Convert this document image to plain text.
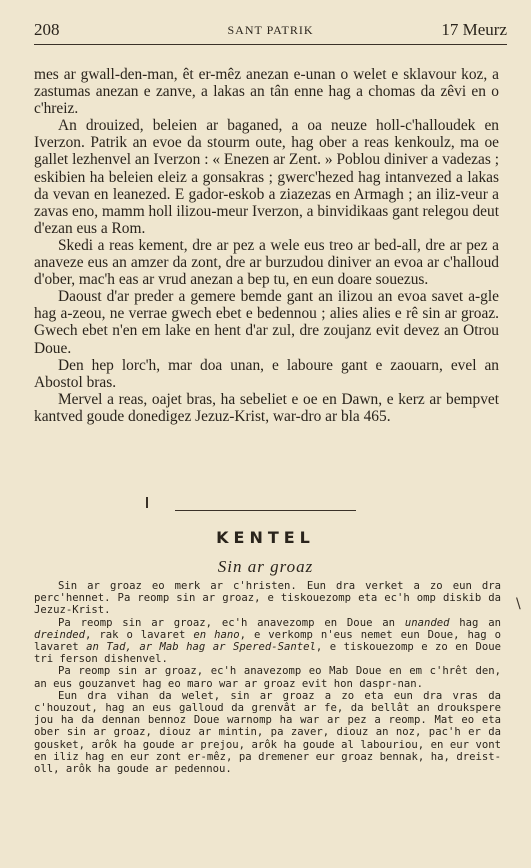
208	SANT PATRIK	17 Meurz

mes ar gwall-den-man, êt er-mêz anezan e-unan o welet e sklavour koz, a zastumas anezan e zanve, a lakas an tân enne hag a chomas da zêvi en o c'hreiz.

An drouized, beleien ar baganed, a oa neuze holl-c'halloudek en Iverzon. Patrik an evoe da stourm oute, hag ober a reas kenkoulz, ma oe gallet lezhenvel an Iverzon : « Enezen ar Zent. » Poblou diniver a vadezas ; eskibien ha beleien eleiz a gonsakras ; gwerc'hezed hag intanvezed a lakas da vevan en leanezed. E gador-eskob a ziazezas en Armagh ; an iliz-veur a zavas eno, mamm holl ilizou-meur Iverzon, a binvidikaas gant relegou deut d'ezan eus a Rom.

Skedi a reas kement, dre ar pez a wele eus treo ar bed-all, dre ar pez a anaveze eus an amzer da zont, dre ar burzudou diniver an evoa ar c'halloud d'ober, mac'h eas ar vrud anezan a bep tu, en eun doare souezus.

Daoust d'ar preder a gemere bemde gant an ilizou an evoa savet a-gle hag a-zeou, ne verrae gwech ebet e bedennou ; alies alies e rê sin ar groaz. Gwech ebet n'en em lake en hent d'ar zul, dre zoujanz evit devez an Otrou Doue.

Den hep lorc'h, mar doa unan, e laboure gant e zaouarn, evel an Abostol bras.

Mervel a reas, oajet bras, ha sebeliet e oe en Dawn, e kerz ar bempvet kantved goude donedigez Jezuz-Krist, war-dro ar bla 465.

KENTEL
Sin ar groaz

Sin ar groaz eo merk ar c'hristen. Eun dra verket a zo eun dra perc'hennet. Pa reomp sin ar groaz, e tiskouezomp eta ec'h omp diskib da Jezuz-Krist.

Pa reomp sin ar groaz, ec'h anavezomp en Doue an unanded hag an dreinded, rak o lavaret en hano, e verkomp n'eus nemet eun Doue, hag o lavaret an Tad, ar Mab hag ar Spered-Santel, e tiskouezomp e zo en Doue tri ferson dishenvel.

Pa reomp sin ar groaz, ec'h anavezomp eo Mab Doue en em c'hrêt den, an eus gouzanvet hag eo maro war ar groaz evit hon daspr-nan.

Eun dra vihan da welet, sin ar groaz a zo eta eun dra vras da c'houzout, hag an eus galloud da grenvât ar fe, da bellât an droukspere jou ha da dennan bennoz Doue warnomp ha war ar pez a reomp. Mat eo eta ober sin ar groaz, diouz ar mintin, pa zaver, diouz an noz, pac'h er da gousket, arôk ha goude ar prejou, arôk ha goude al labouriou, en eur vont en iliz hag en eur zont er-mêz, pa dremener eur groaz bennak, ha, dreist-oll, arôk ha goude ar pedennou.

\
